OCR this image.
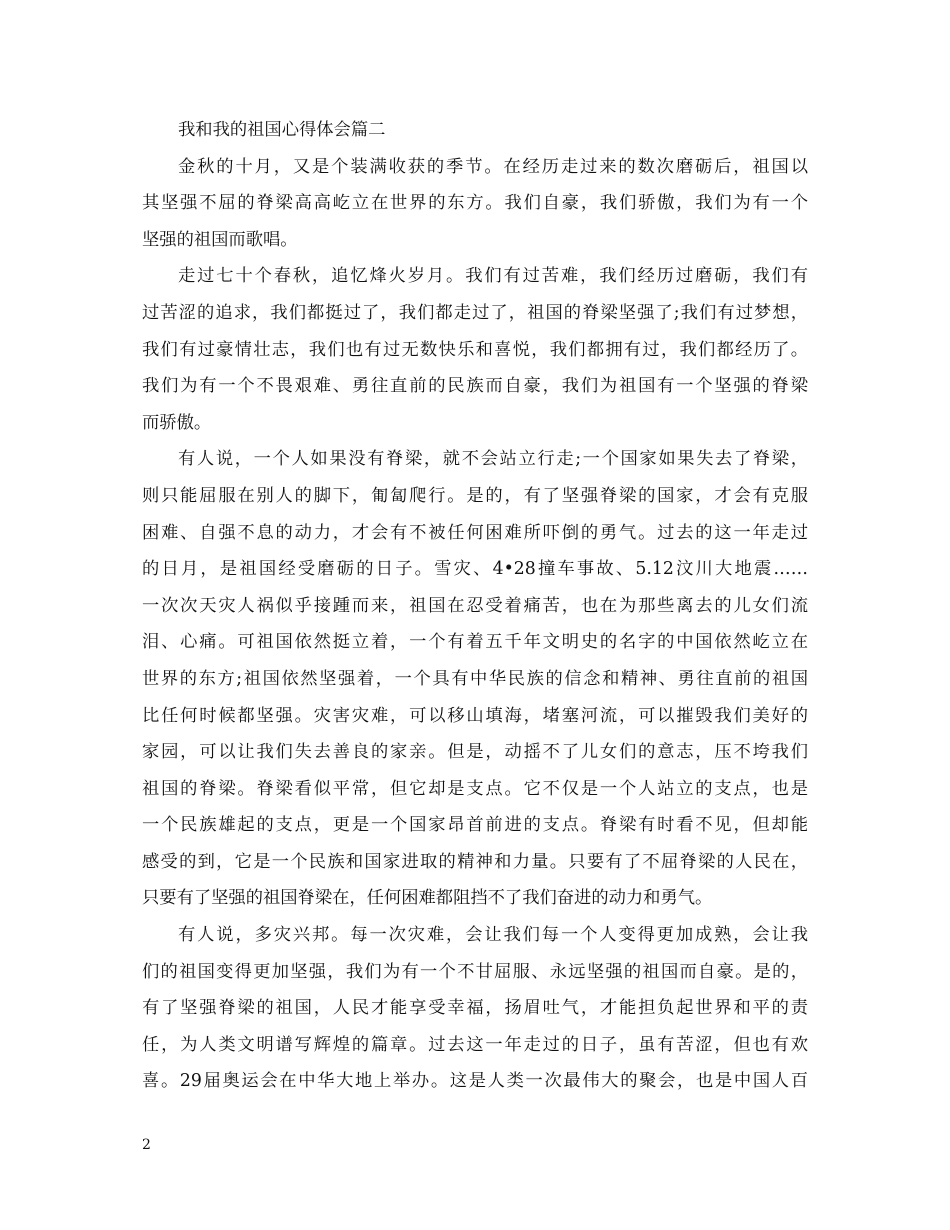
我和我的祖国心得体会篇二
金秋的十月，又是个装满收获的季节。在经历走过来的数次磨砺后，祖国以
其坚强不屈的脊梁高高屹立在世界的东方。我们自豪，我们骄傲，我们为有一个
坚强的祖国而歌唱。
走过七十个春秋，追忆烽火岁月。我们有过苦难，我们经历过磨砺，我们有
过苦涩的追求，我们都挺过了，我们都走过了，祖国的脊梁坚强了;我们有过梦想，
我们有过豪情壮志，我们也有过无数快乐和喜悦，我们都拥有过，我们都经历了。
我们为有一个不畏艰难、勇往直前的民族而自豪，我们为祖国有一个坚强的脊梁
而骄傲。
有人说，一个人如果没有脊梁，就不会站立行走;一个国家如果失去了脊梁，
则只能屈服在别人的脚下，匍匐爬行。是的，有了坚强脊梁的国家，才会有克服
困难、自强不息的动力，才会有不被任何困难所吓倒的勇气。过去的这一年走过
的日月，是祖国经受磨砺的日子。雪灾、4•28撞车事故、5.12汶川大地震……
一次次天灾人祸似乎接踵而来，祖国在忍受着痛苦，也在为那些离去的儿女们流
泪、心痛。可祖国依然挺立着，一个有着五千年文明史的名字的中国依然屹立在
世界的东方;祖国依然坚强着，一个具有中华民族的信念和精神、勇往直前的祖国
比任何时候都坚强。灾害灾难，可以移山填海，堵塞河流，可以摧毁我们美好的
家园，可以让我们失去善良的家亲。但是，动摇不了儿女们的意志，压不垮我们
祖国的脊梁。脊梁看似平常，但它却是支点。它不仅是一个人站立的支点，也是
一个民族雄起的支点，更是一个国家昂首前进的支点。脊梁有时看不见，但却能
感受的到，它是一个民族和国家进取的精神和力量。只要有了不屈脊梁的人民在，
只要有了坚强的祖国脊梁在，任何困难都阻挡不了我们奋进的动力和勇气。
有人说，多灾兴邦。每一次灾难，会让我们每一个人变得更加成熟，会让我
们的祖国变得更加坚强，我们为有一个不甘屈服、永远坚强的祖国而自豪。是的，
有了坚强脊梁的祖国，人民才能享受幸福，扬眉吐气，才能担负起世界和平的责
任，为人类文明谱写辉煌的篇章。过去这一年走过的日子，虽有苦涩，但也有欢
喜。29届奥运会在中华大地上举办。这是人类一次最伟大的聚会，也是中国人百
2
